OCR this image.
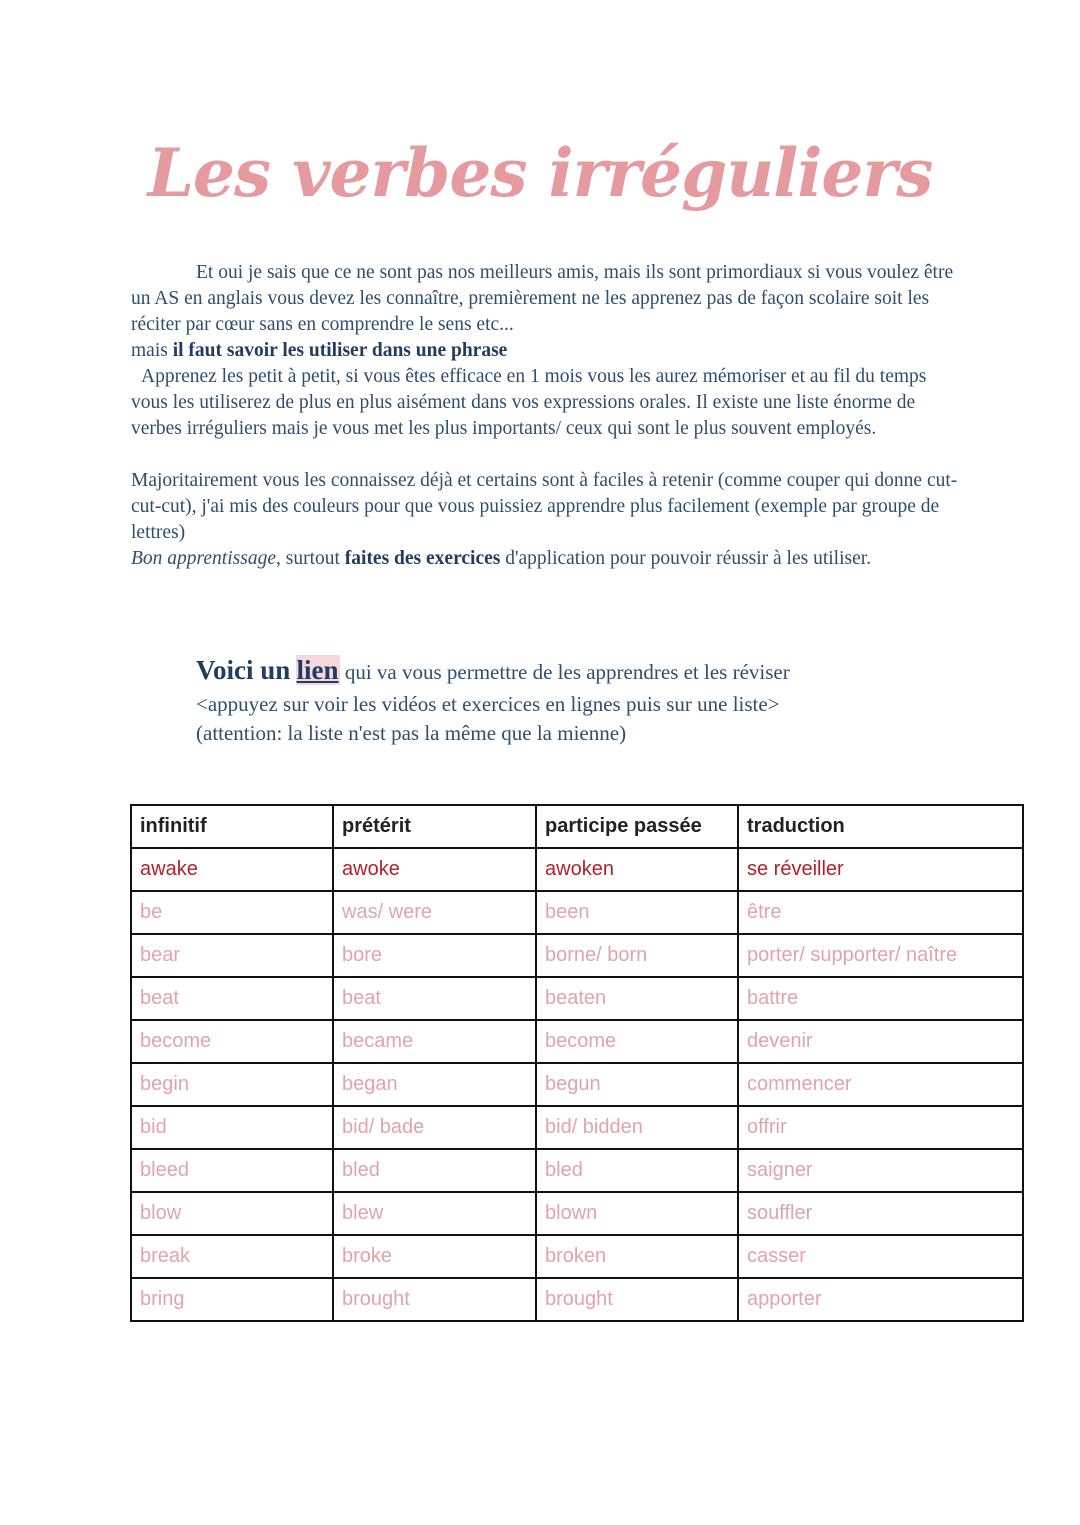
Les verbes irréguliers

Et oui je sais que ce ne sont pas nos meilleurs amis, mais ils sont primordiaux si vous voulez être un AS en anglais vous devez les connaître, premièrement ne les apprenez pas de façon scolaire soit les réciter par cœur sans en comprendre le sens etc...

mais il faut savoir les utiliser dans une phrase

Apprenez les petit à petit, si vous êtes efficace en 1 mois vous les aurez mémoriser et au fil du temps vous les utiliserez de plus en plus aisément dans vos expressions orales. Il existe une liste énorme de verbes irréguliers mais je vous met les plus importants/ ceux qui sont le plus souvent employés.

Majoritairement vous les connaissez déjà et certains sont à faciles à retenir (comme couper qui donne cut-cut-cut), j'ai mis des couleurs pour que vous puissiez apprendre plus facilement (exemple par groupe de lettres)

Bon apprentissage, surtout faites des exercices d'application pour pouvoir réussir à les utiliser.

Voici un lien qui va vous permettre de les apprendres et les réviser

<appuyez sur voir les vidéos et exercices en lignes puis sur une liste>

(attention: la liste n'est pas la même que la mienne)

infinitif	prétérit	participe passée	traduction
awake	awoke	awoken	se réveiller
be	was/ were	been	être
bear	bore	borne/ born	porter/ supporter/ naître
beat	beat	beaten	battre
become	became	become	devenir
begin	began	begun	commencer
bid	bid/ bade	bid/ bidden	offrir
bleed	bled	bled	saigner
blow	blew	blown	souffler
break	broke	broken	casser
bring	brought	brought	apporter
